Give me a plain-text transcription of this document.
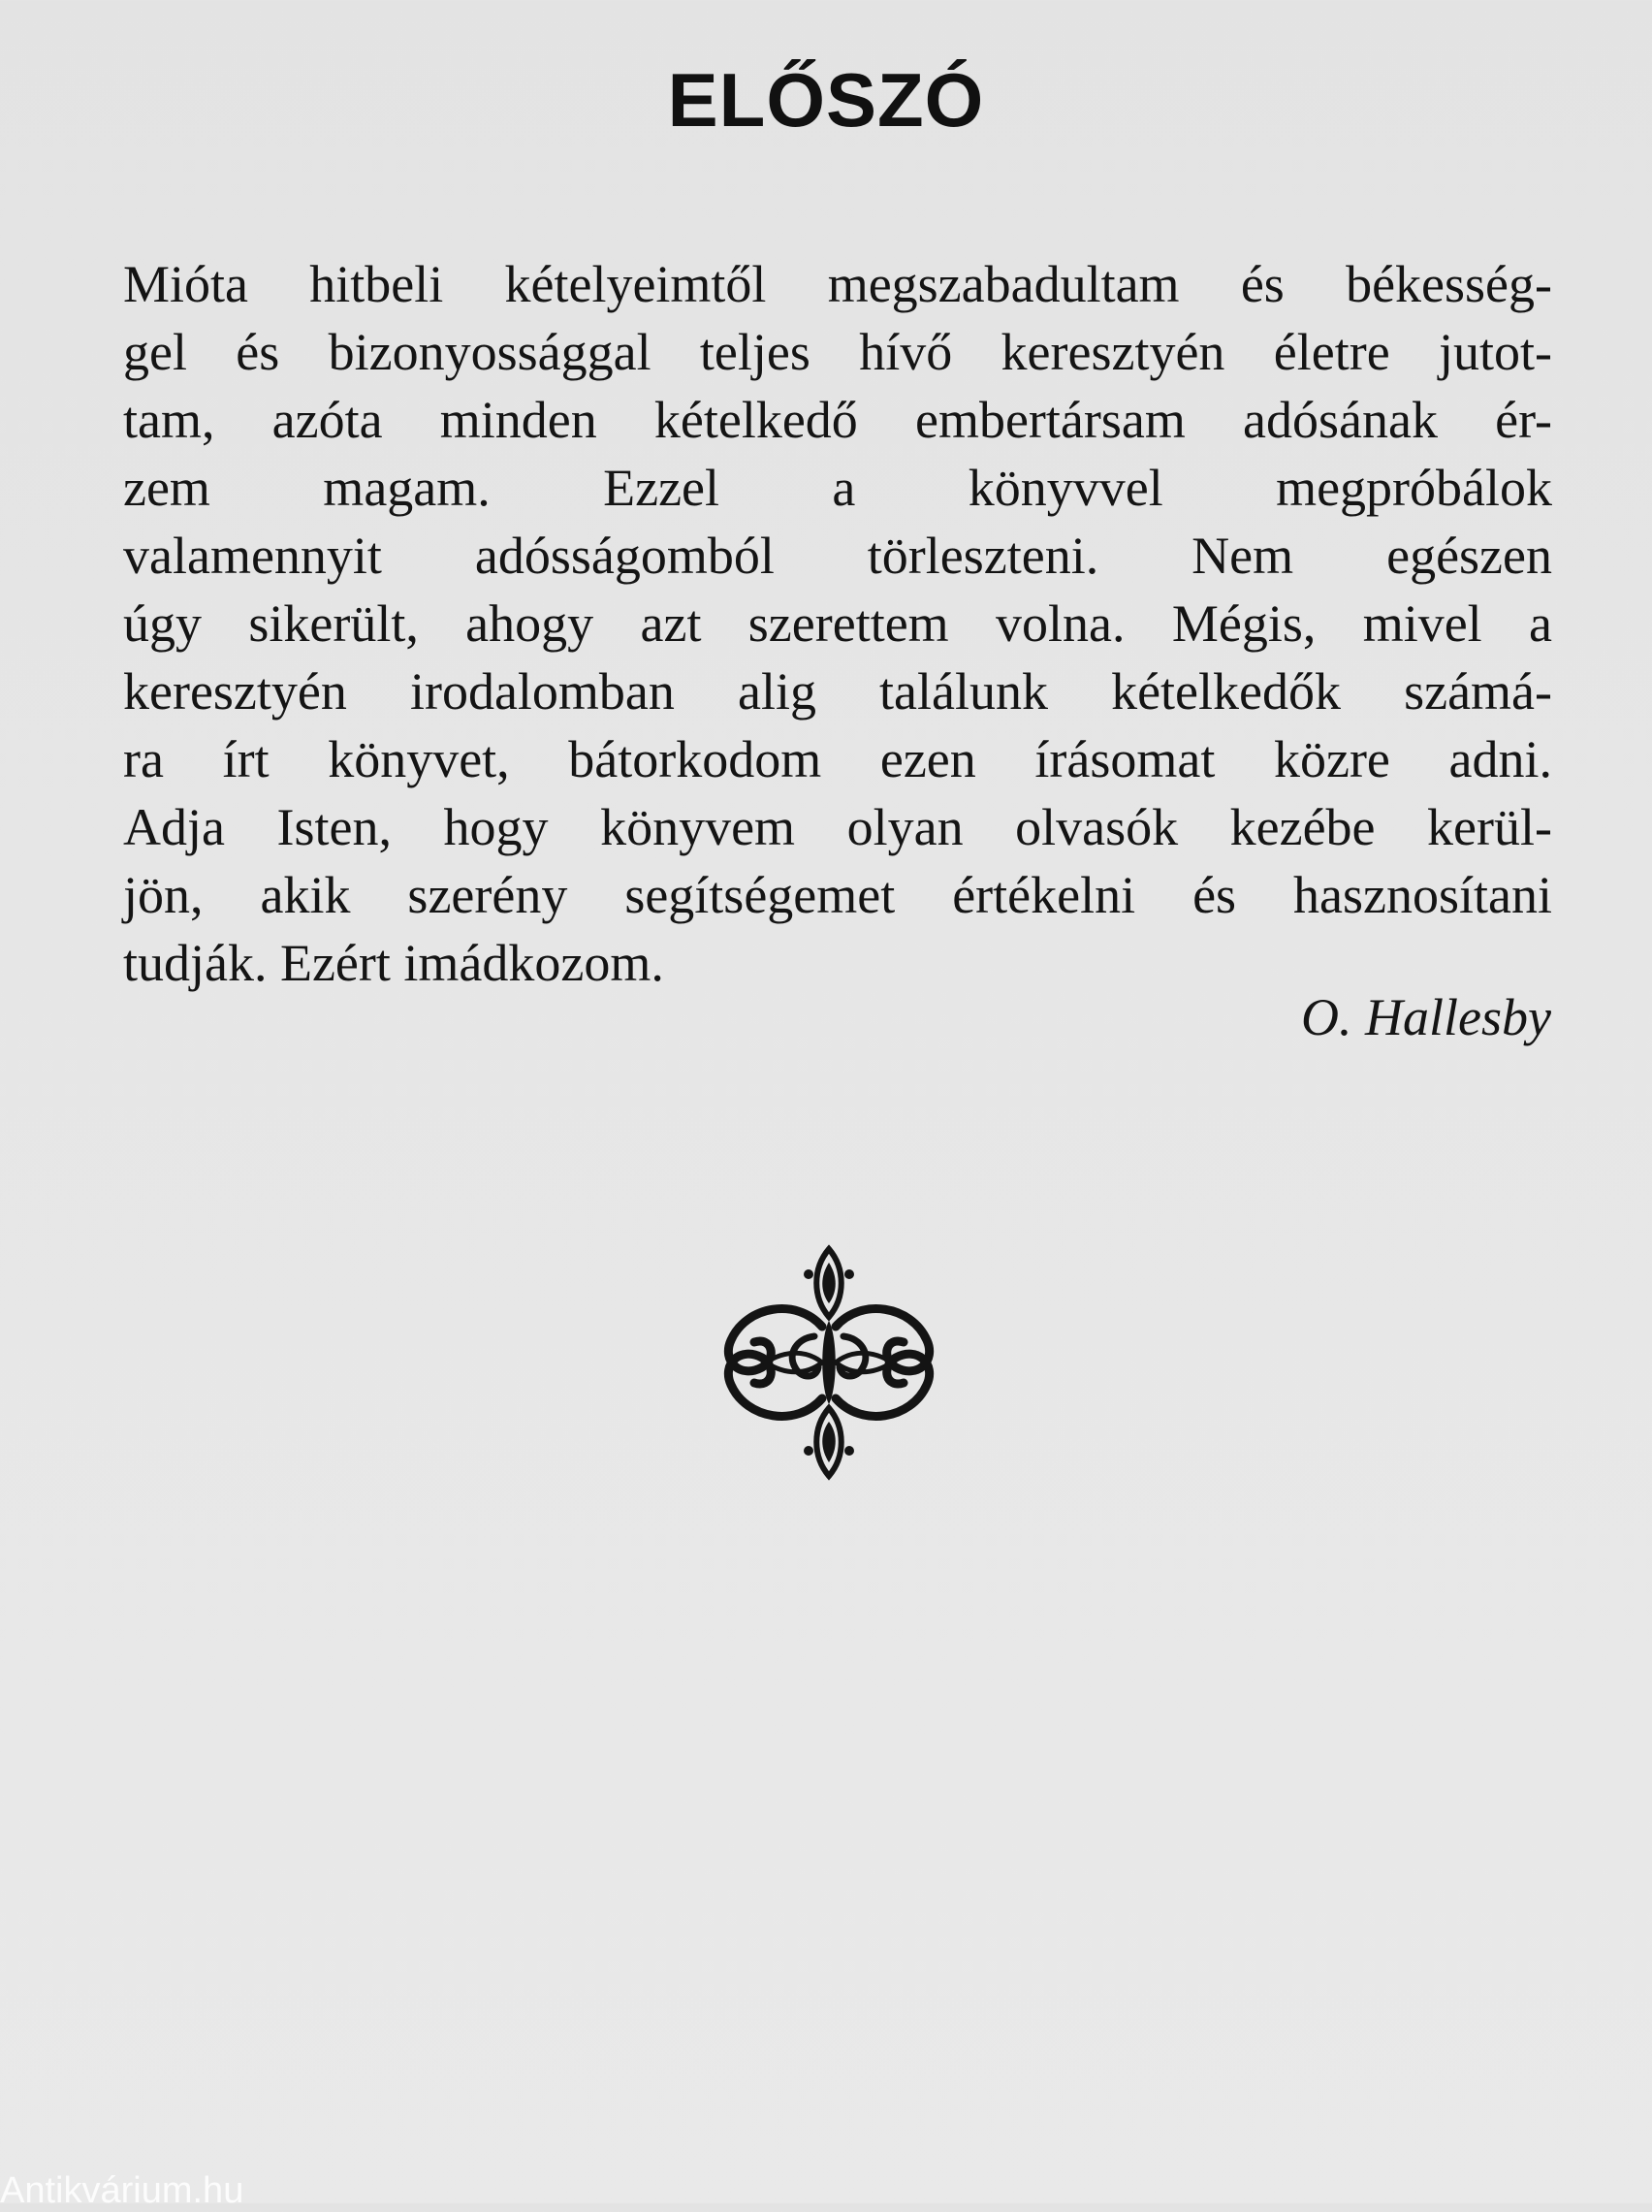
ELŐSZÓ
Mióta hitbeli kételyeimtől megszabadultam és békesség-
gel és bizonyossággal teljes hívő keresztyén életre jutot-
tam, azóta minden kételkedő embertársam adósának ér-
zem magam. Ezzel a könyvvel megpróbálok
valamennyit adósságomból törleszteni. Nem egészen
úgy sikerült, ahogy azt szerettem volna. Mégis, mivel a
keresztyén irodalomban alig találunk kételkedők számá-
ra írt könyvet, bátorkodom ezen írásomat közre adni.
Adja Isten, hogy könyvem olyan olvasók kezébe kerül-
jön, akik szerény segítségemet értékelni és hasznosítani
tudják. Ezért imádkozom.

O. Hallesby

Antikvárium.hu
